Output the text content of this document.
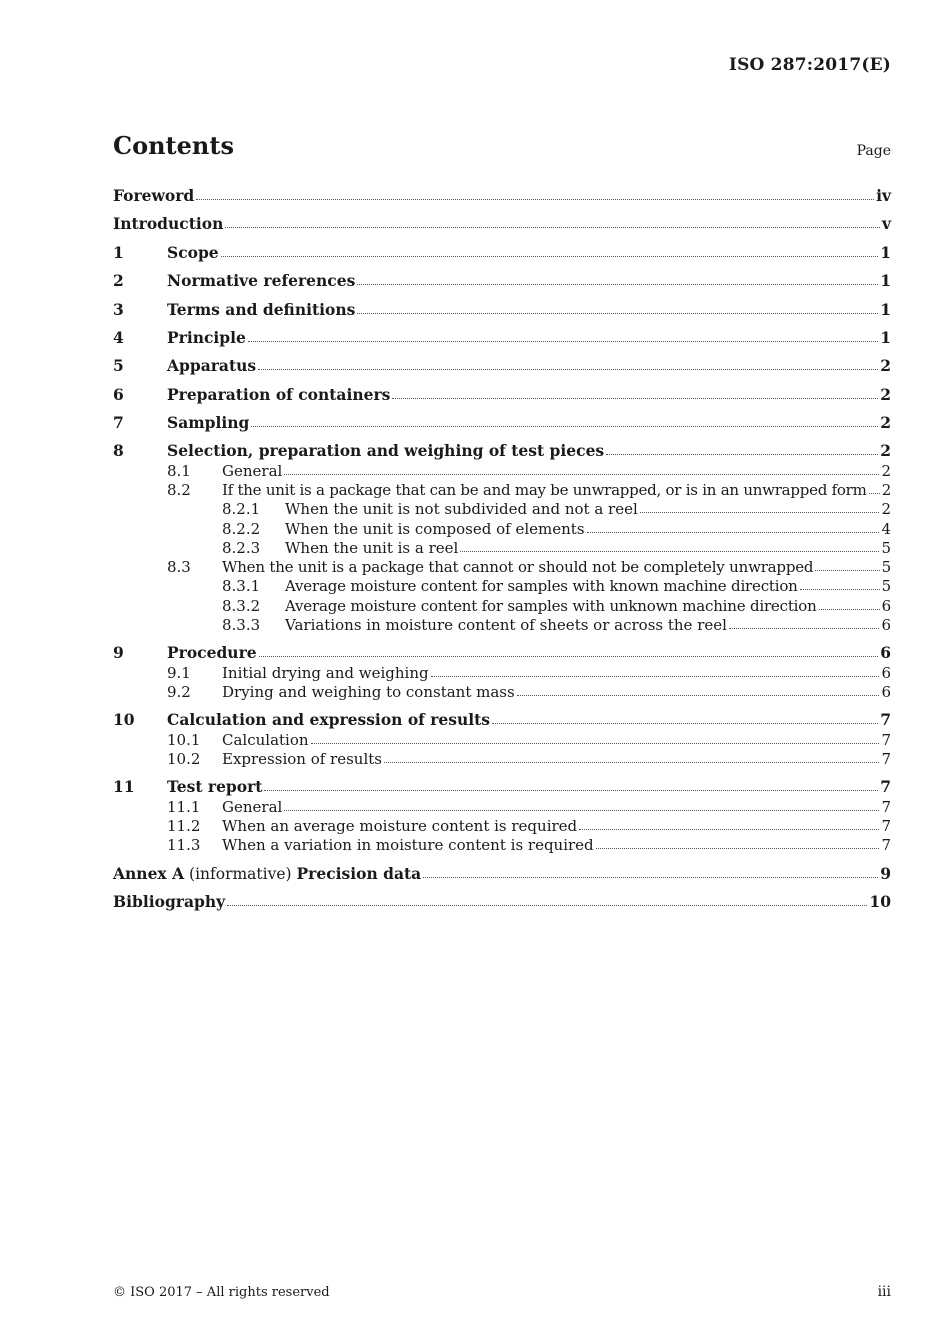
ISO 287:2017(E)
Contents	Page
Foreword	iv
Introduction	v
1	Scope	1
2	Normative references	1
3	Terms and definitions	1
4	Principle	1
5	Apparatus	2
6	Preparation of containers	2
7	Sampling	2
8	Selection, preparation and weighing of test pieces	2
8.1 General	2
8.2 If the unit is a package that can be and may be unwrapped, or is in an unwrapped form 2
8.2.1 When the unit is not subdivided and not a reel	2
8.2.2 When the unit is composed of elements	4
8.2.3 When the unit is a reel	5
8.3 When the unit is a package that cannot or should not be completely unwrapped	5
8.3.1 Average moisture content for samples with known machine direction	5
8.3.2 Average moisture content for samples with unknown machine direction	6
8.3.3 Variations in moisture content of sheets or across the reel	6
9	Procedure	6
9.1 Initial drying and weighing	6
9.2 Drying and weighing to constant mass	6
10 Calculation and expression of results	7
10.1 Calculation	7
10.2 Expression of results	7
11 Test report	7
11.1 General	7
11.2 When an average moisture content is required	7
11.3 When a variation in moisture content is required	7
Annex A (informative) Precision data	9
Bibliography	10
© ISO 2017 – All rights reserved	iii
